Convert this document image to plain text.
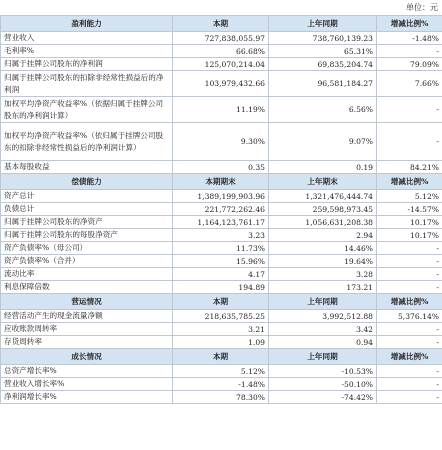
单位：元
盈利能力	本期	上年同期	增减比例%
营业收入	727,838,055.97	738,760,139.23	-1.48%
毛利率%	66.68%	65.31%	-
归属于挂牌公司股东的净利润	125,070,214.04	69,835,204.74	79.09%
归属于挂牌公司股东的扣除非经常性损益后的净利润	103,979,432.66	96,581,184.27	7.66%
加权平均净资产收益率%（依据归属于挂牌公司股东的净利润计算）	11.19%	6.56%	-
加权平均净资产收益率%（依归属于挂牌公司股东的扣除非经常性损益后的净利润计算）	9.30%	9.07%	-
基本每股收益	0.35	0.19	84.21%
偿债能力	本期期末	上年期末	增减比例%
资产总计	1,389,199,903.96	1,321,476,444.74	5.12%
负债总计	221,772,262.46	259,598,973.45	-14.57%
归属于挂牌公司股东的净资产	1,164,123,761.17	1,056,631,208.38	10.17%
归属于挂牌公司股东的每股净资产	3.23	2.94	10.17%
资产负债率%（母公司）	11.73%	14.46%	-
资产负债率%（合并）	15.96%	19.64%	-
流动比率	4.17	3.28	-
利息保障倍数	194.89	173.21	-
营运情况	本期	上年同期	增减比例%
经营活动产生的现金流量净额	218,635,785.25	3,992,512.88	5,376.14%
应收账款周转率	3.21	3.42	-
存货周转率	1.09	0.94	-
成长情况	本期	上年同期	增减比例%
总资产增长率%	5.12%	-10.53%	-
营业收入增长率%	-1.48%	-50.10%	-
净利润增长率%	78.30%	-74.42%	-
